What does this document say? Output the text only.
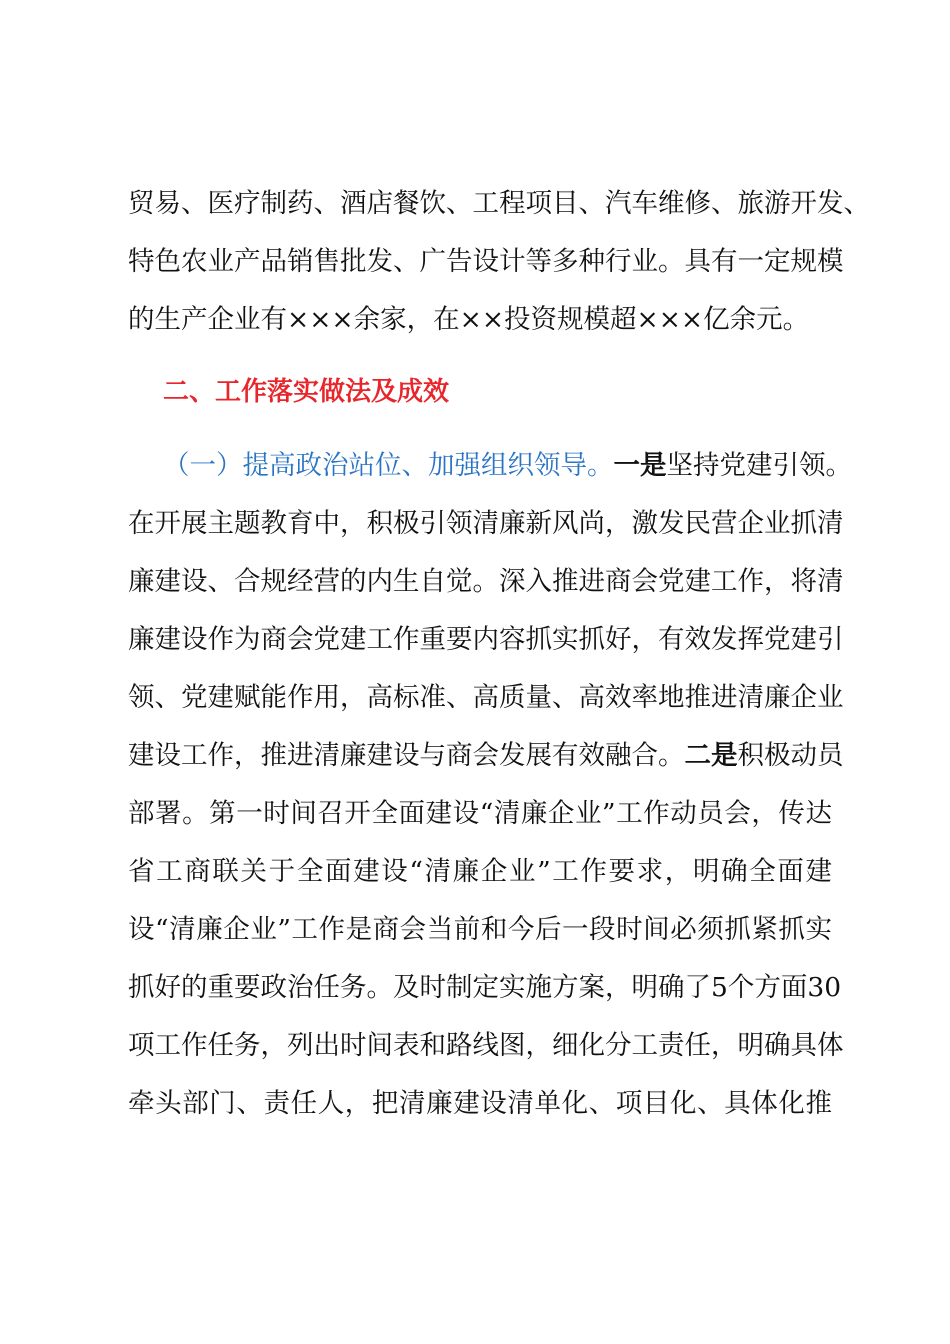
贸易、医疗制药、酒店餐饮、工程项目、汽车维修、旅游开发、
特色农业产品销售批发、广告设计等多种行业。具有一定规模
的生产企业有×××余家，在××投资规模超×××亿余元。
二、工作落实做法及成效
（一）提高政治站位、加强组织领导。一是坚持党建引领。
在开展主题教育中，积极引领清廉新风尚，激发民营企业抓清
廉建设、合规经营的内生自觉。深入推进商会党建工作，将清
廉建设作为商会党建工作重要内容抓实抓好，有效发挥党建引
领、党建赋能作用，高标准、高质量、高效率地推进清廉企业
建设工作，推进清廉建设与商会发展有效融合。二是积极动员
部署。第一时间召开全面建设“清廉企业”工作动员会，传达
省工商联关于全面建设“清廉企业”工作要求，明确全面建
设“清廉企业”工作是商会当前和今后一段时间必须抓紧抓实
抓好的重要政治任务。及时制定实施方案，明确了5个方面30
项工作任务，列出时间表和路线图，细化分工责任，明确具体
牵头部门、责任人，把清廉建设清单化、项目化、具体化推
